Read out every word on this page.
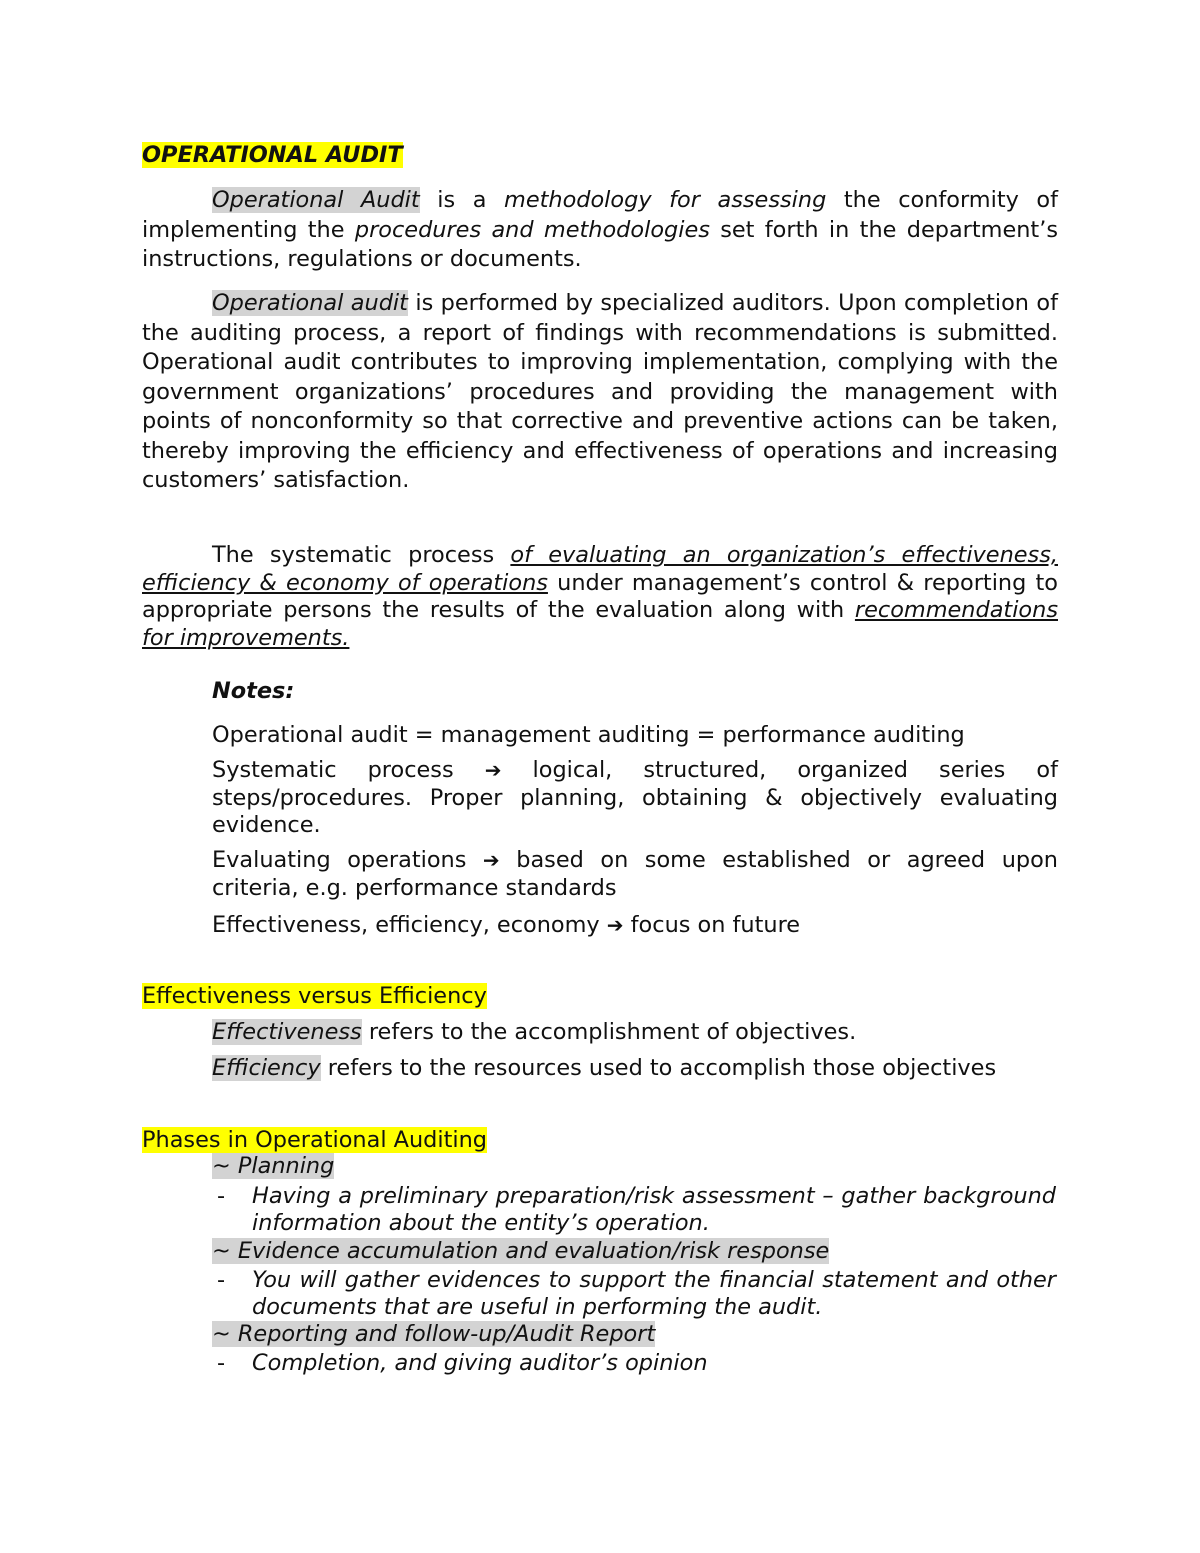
OPERATIONAL AUDIT

Operational Audit is a methodology for assessing the conformity of implementing the procedures and methodologies set forth in the department’s instructions, regulations or documents.

Operational audit is performed by specialized auditors. Upon completion of the auditing process, a report of findings with recommendations is submitted. Operational audit contributes to improving implementation, complying with the government organizations’ procedures and providing the management with points of nonconformity so that corrective and preventive actions can be taken, thereby improving the efficiency and effectiveness of operations and increasing customers’ satisfaction.

The systematic process of evaluating an organization’s effectiveness, efficiency & economy of operations under management’s control & reporting to appropriate persons the results of the evaluation along with recommendations for improvements.

Notes:
Operational audit = management auditing = performance auditing

Systematic process ➔ logical, structured, organized series of steps/procedures. Proper planning, obtaining & objectively evaluating evidence.

Evaluating operations ➔ based on some established or agreed upon criteria, e.g. performance standards

Effectiveness, efficiency, economy ➔ focus on future
Effectiveness versus Efficiency
Effectiveness refers to the accomplishment of objectives.
Efficiency refers to the resources used to accomplish those objectives
Phases in Operational Auditing
~ Planning
-	Having a preliminary preparation/risk assessment – gather background information about the entity’s operation.

~ Evidence accumulation and evaluation/risk response
-	You will gather evidences to support the financial statement and other documents that are useful in performing the audit.

~ Reporting and follow-up/Audit Report
-	Completion, and giving auditor’s opinion
